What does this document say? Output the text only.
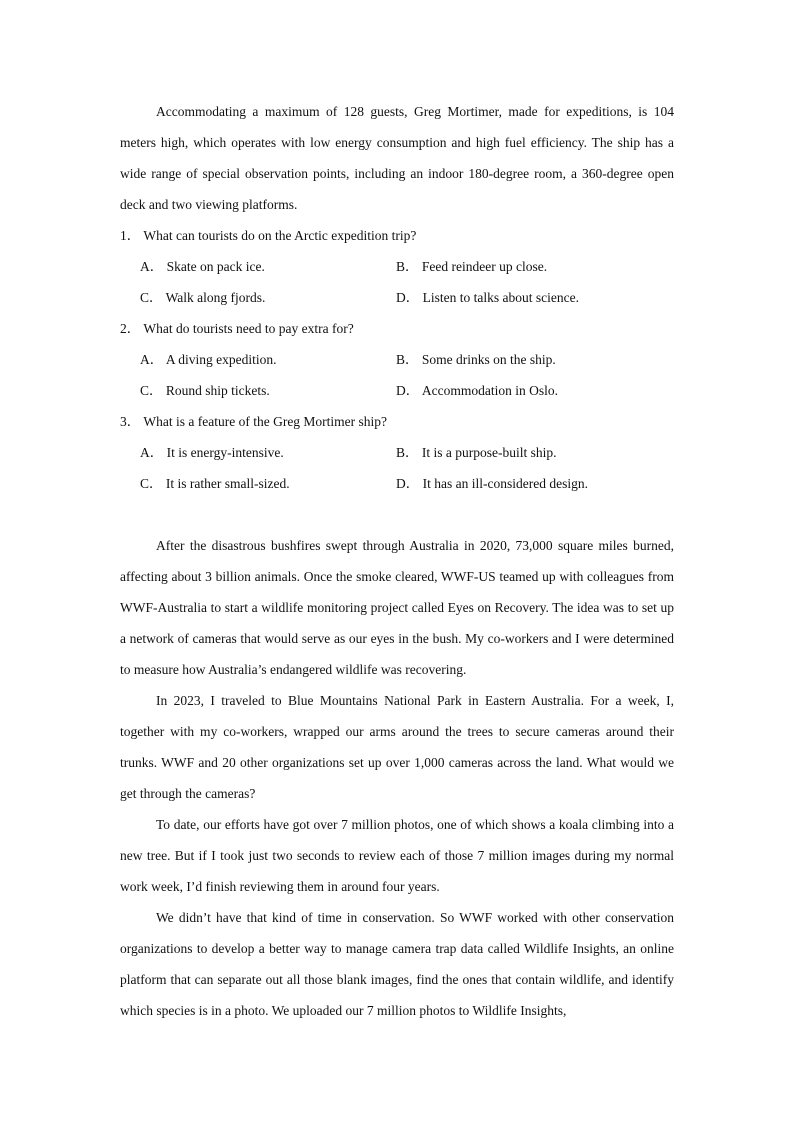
Accommodating a maximum of 128 guests, Greg Mortimer, made for expeditions, is 104 meters high, which operates with low energy consumption and high fuel efficiency. The ship has a wide range of special observation points, including an indoor 180-degree room, a 360-degree open deck and two viewing platforms.

1． What can tourists do on the Arctic expedition trip?

A． Skate on pack ice.	B． Feed reindeer up close.
C． Walk along fjords.	D． Listen to talks about science.

2． What do tourists need to pay extra for?

A． A diving expedition.	B． Some drinks on the ship.
C． Round ship tickets.	D． Accommodation in Oslo.

3． What is a feature of the Greg Mortimer ship?

A． It is energy-intensive.	B． It is a purpose-built ship.
C． It is rather small-sized.	D． It has an ill-considered design.

After the disastrous bushfires swept through Australia in 2020, 73,000 square miles burned, affecting about 3 billion animals. Once the smoke cleared, WWF-US teamed up with colleagues from WWF-Australia to start a wildlife monitoring project called Eyes on Recovery. The idea was to set up a network of cameras that would serve as our eyes in the bush. My co-workers and I were determined to measure how Australia’s endangered wildlife was recovering.

In 2023, I traveled to Blue Mountains National Park in Eastern Australia. For a week, I, together with my co-workers, wrapped our arms around the trees to secure cameras around their trunks. WWF and 20 other organizations set up over 1,000 cameras across the land. What would we get through the cameras?

To date, our efforts have got over 7 million photos, one of which shows a koala climbing into a new tree. But if I took just two seconds to review each of those 7 million images during my normal work week, I’d finish reviewing them in around four years.

We didn’t have that kind of time in conservation. So WWF worked with other conservation organizations to develop a better way to manage camera trap data called Wildlife Insights, an online platform that can separate out all those blank images, find the ones that contain wildlife, and identify which species is in a photo. We uploaded our 7 million photos to Wildlife Insights,
